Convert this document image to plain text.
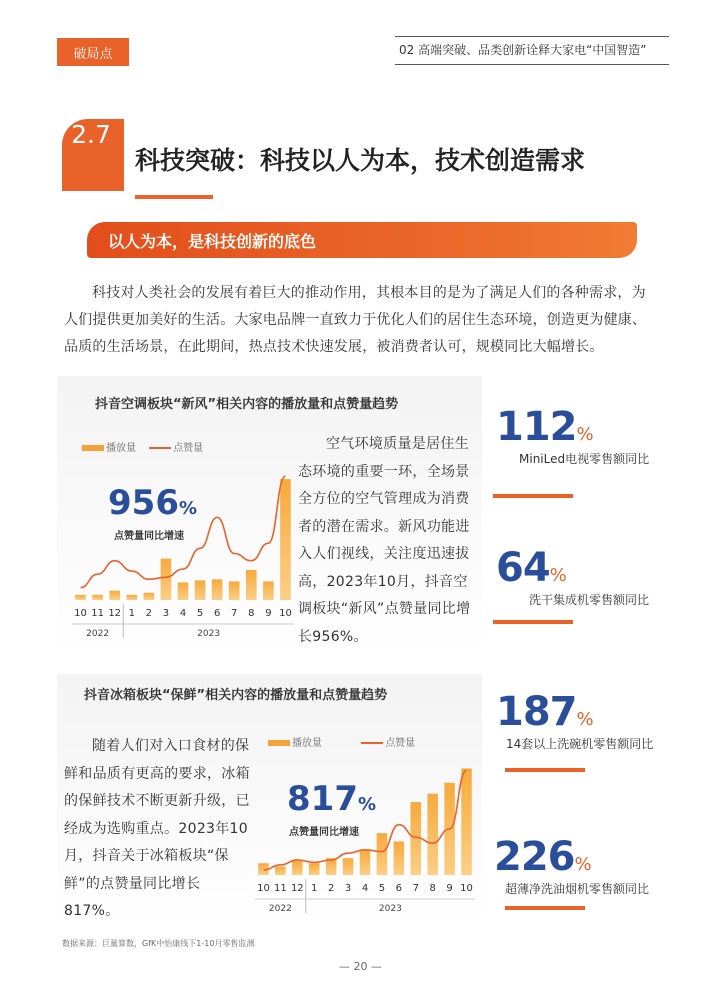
破局点	02 高端突破、品类创新诠释大家电“中国智造”
2.7
科技突破：科技以人为本，技术创造需求
以人为本，是科技创新的底色
科技对人类社会的发展有着巨大的推动作用，其根本目的是为了满足人们的各种需求，为人们提供更加美好的生活。大家电品牌一直致力于优化人们的居住生态环境，创造更为健康、品质的生活场景，在此期间，热点技术快速发展，被消费者认可，规模同比大幅增长。
抖音空调板块“新风”相关内容的播放量和点赞量趋势
播放量	点赞量
956%
点赞量同比增速
10 11 12 1 2 3 4 5 6 7 8 9 10
2022	2023
空气环境质量是居住生态环境的重要一环，全场景全方位的空气管理成为消费者的潜在需求。新风功能进入人们视线，关注度迅速拔高，2023年10月，抖音空调板块“新风”点赞量同比增长956%。
抖音冰箱板块“保鲜”相关内容的播放量和点赞量趋势
随着人们对入口食材的保鲜和品质有更高的要求，冰箱的保鲜技术不断更新升级，已经成为选购重点。2023年10月，抖音关于冰箱板块“保鲜”的点赞量同比增长817%。
播放量	点赞量
817%
点赞量同比增速
10 11 12 1 2 3 4 5 6 7 8 9 10
2022	2023
112%
MiniLed电视零售额同比
64%
洗干集成机零售额同比
187%
14套以上洗碗机零售额同比
226%
超薄净洗油烟机零售额同比
数据来源：巨量算数，GfK中怡康线下1-10月零售监测
— 20 —
